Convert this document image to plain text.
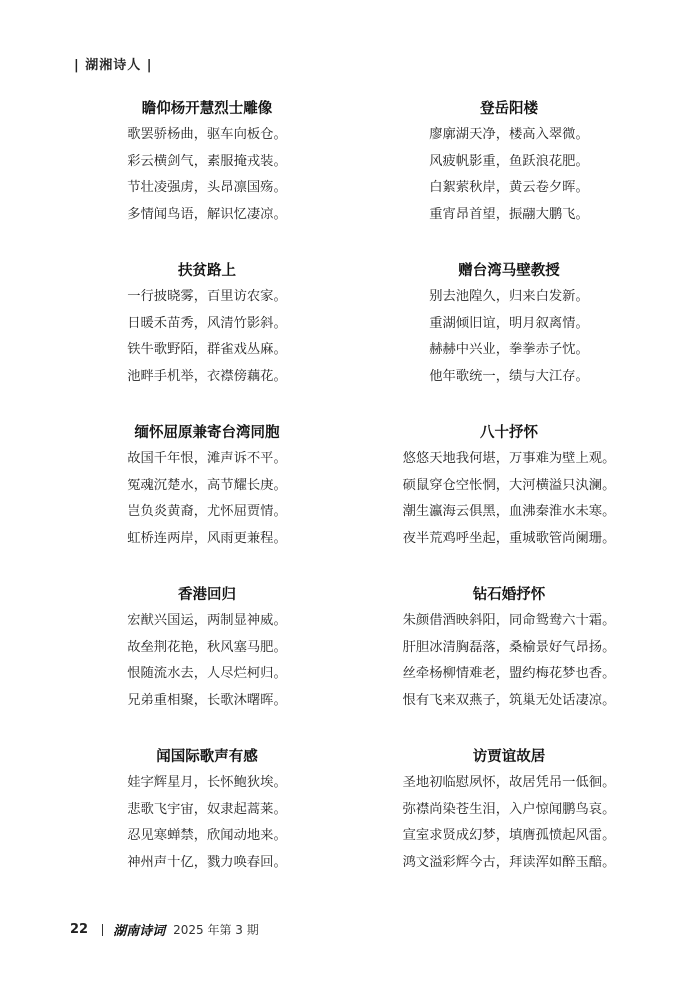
| 湖湘诗人 |
瞻仰杨开慧烈士雕像
歌罢骄杨曲，驱车向板仓。
彩云横剑气，素服掩戎装。
节壮凌强虏，头昂凛国殇。
多情闻鸟语，解识忆凄凉。
扶贫路上
一行披晓雾，百里访农家。
日暖禾苗秀，风清竹影斜。
铁牛歌野陌，群雀戏丛麻。
池畔手机举，衣襟傍藕花。
缅怀屈原兼寄台湾同胞
故国千年恨，滩声诉不平。
冤魂沉楚水，高节耀长庚。
岂负炎黄裔，尤怀屈贾情。
虹桥连两岸，风雨更兼程。
香港回归
宏猷兴国运，两制显神威。
故垒荆花艳，秋风塞马肥。
恨随流水去，人尽烂柯归。
兄弟重相聚，长歌沐曙晖。
闻国际歌声有感
娃字辉星月，长怀鲍狄埃。
悲歌飞宇宙，奴隶起蒿莱。
忍见寒蝉禁，欣闻动地来。
神州声十亿，戮力唤春回。
登岳阳楼
廖廓湖天净，楼高入翠微。
风疲帆影重，鱼跃浪花肥。
白絮萦秋岸，黄云卷夕晖。
重宵昂首望，振翮大鹏飞。
赠台湾马壁教授
别去池隍久，归来白发新。
重湖倾旧谊，明月叙离情。
赫赫中兴业，拳拳赤子忱。
他年歌统一，绩与大江存。
八十抒怀
悠悠天地我何堪，万事难为壁上观。
硕鼠穿仓空怅惘，大河横溢只汍澜。
潮生瀛海云俱黑，血沸秦淮水未寒。
夜半荒鸡呼坐起，重城歌管尚阑珊。
钻石婚抒怀
朱颜借酒映斜阳，同命鸳鸯六十霜。
肝胆冰清胸磊落，桑榆景好气昂扬。
丝牵杨柳情难老，盟约梅花梦也香。
恨有飞来双燕子，筑巢无处话凄凉。
访贾谊故居
圣地初临慰夙怀，故居凭吊一低徊。
弥襟尚染苍生泪，入户惊闻鹏鸟哀。
宣室求贤成幻梦，填膺孤愤起风雷。
鸿文溢彩辉今古，拜读浑如醉玉醅。
22 湖南诗词 2025 年第 3 期
